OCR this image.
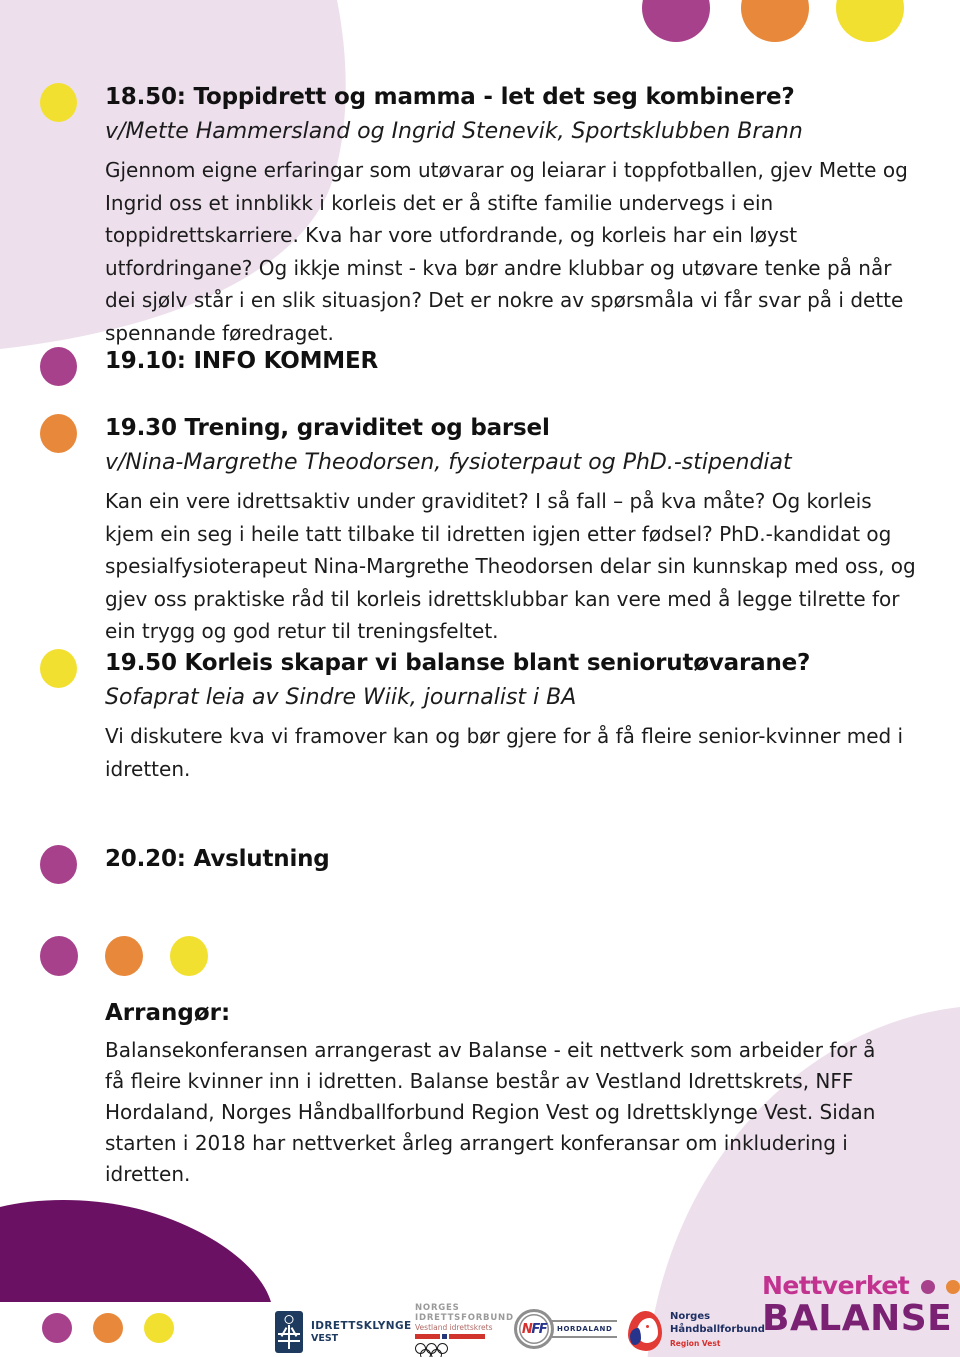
18.50: Toppidrett og mamma - let det seg kombinere?

v/Mette Hammersland og Ingrid Stenevik, Sportsklubben Brann

Gjennom eigne erfaringar som utøvarar og leiarar i toppfotballen, gjev Mette og Ingrid oss et innblikk i korleis det er å stifte familie undervegs i ein toppidrettskarriere. Kva har vore utfordrande, og korleis har ein løyst utfordringane? Og ikkje minst - kva bør andre klubbar og utøvare tenke på når dei sjølv står i en slik situasjon? Det er nokre av spørsmåla vi får svar på i dette spennande føredraget.

19.10: INFO KOMMER
19.30 Trening, graviditet og barsel

v/Nina-Margrethe Theodorsen, fysioterpaut og PhD.-stipendiat

Kan ein vere idrettsaktiv under graviditet? I så fall – på kva måte? Og korleis kjem ein seg i heile tatt tilbake til idretten igjen etter fødsel? PhD.-kandidat og spesialfysioterapeut Nina-Margrethe Theodorsen delar sin kunnskap med oss, og gjev oss praktiske råd til korleis idrettsklubbar kan vere med å legge tilrette for ein trygg og god retur til treningsfeltet.

19.50 Korleis skapar vi balanse blant seniorutøvarane?

Sofaprat leia av Sindre Wiik, journalist i BA

Vi diskutere kva vi framover kan og bør gjere for å få fleire senior-kvinner med i idretten.

20.20: Avslutning

Arrangør:

Balansekonferansen arrangerast av Balanse - eit nettverk som arbeider for å få fleire kvinner inn i idretten. Balanse består av Vestland Idrettskrets, NFF Hordaland, Norges Håndballforbund Region Vest og Idrettsklynge Vest. Sidan starten i 2018 har nettverket årleg arrangert konferansar om inkludering i idretten.

IDRETTSKLYNGE
VEST
NORGES
IDRETTSFORBUND
Vestland idrettskrets NFF	HORDALAND
Norges
Håndballforbund
Region Vest
Nettverket

BALANSE
